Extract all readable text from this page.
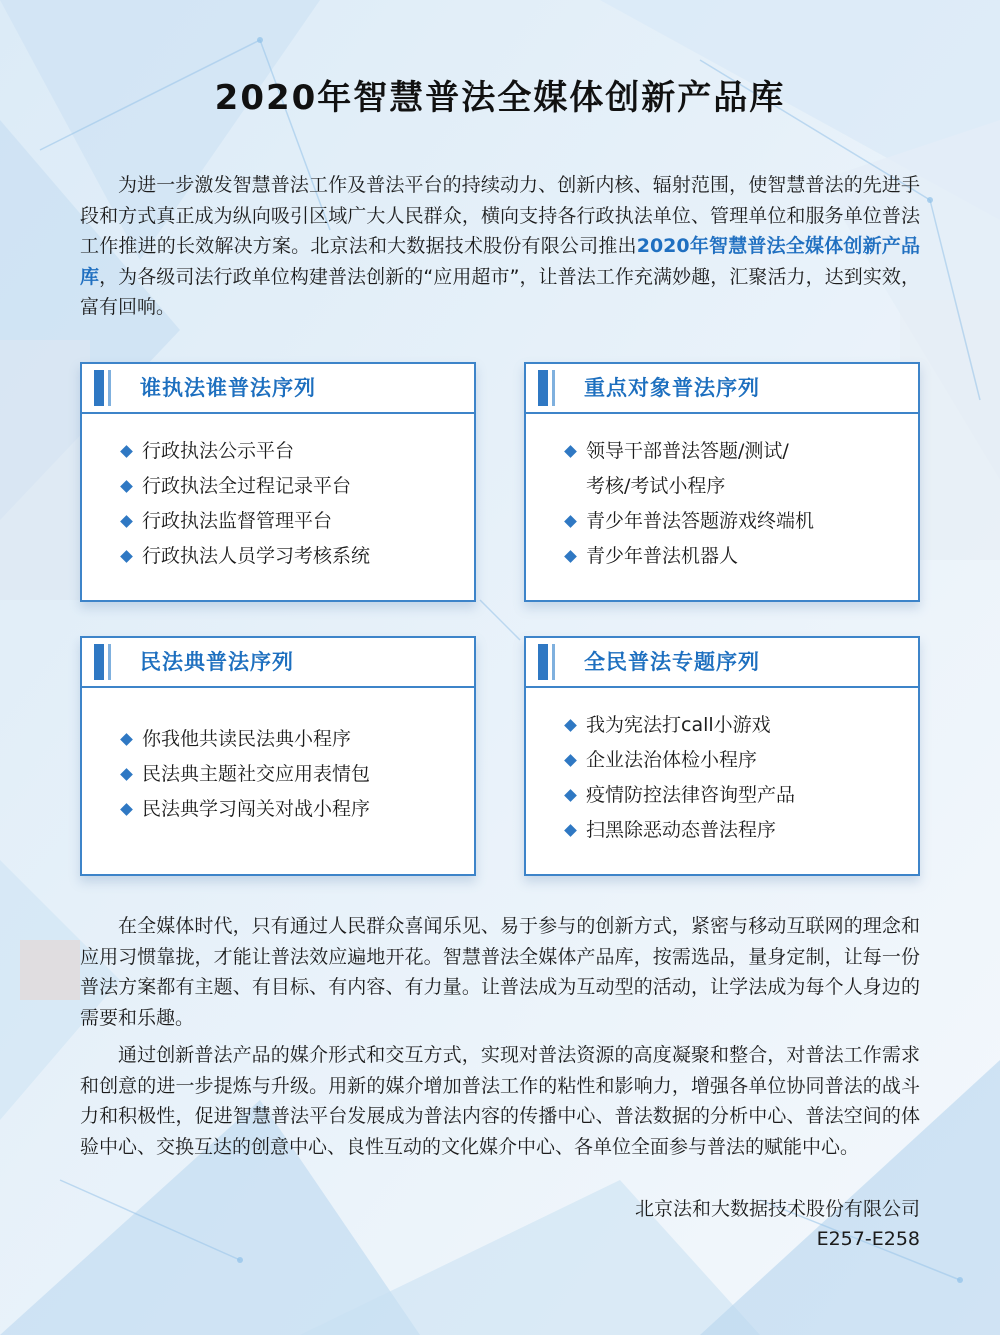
2020年智慧普法全媒体创新产品库

为进一步激发智慧普法工作及普法平台的持续动力、创新内核、辐射范围，使智慧普法的先进手段和方式真正成为纵向吸引区域广大人民群众，横向支持各行政执法单位、管理单位和服务单位普法工作推进的长效解决方案。北京法和大数据技术股份有限公司推出2020年智慧普法全媒体创新产品库，为各级司法行政单位构建普法创新的“应用超市”，让普法工作充满妙趣，汇聚活力，达到实效，富有回响。

谁执法谁普法序列
行政执法公示平台
行政执法全过程记录平台
行政执法监督管理平台
行政执法人员学习考核系统
重点对象普法序列
领导干部普法答题/测试/
考核/考试小程序
青少年普法答题游戏终端机
青少年普法机器人
民法典普法序列
你我他共读民法典小程序
民法典主题社交应用表情包
民法典学习闯关对战小程序
全民普法专题序列
我为宪法打call小游戏
企业法治体检小程序
疫情防控法律咨询型产品
扫黑除恶动态普法程序

在全媒体时代，只有通过人民群众喜闻乐见、易于参与的创新方式，紧密与移动互联网的理念和应用习惯靠拢，才能让普法效应遍地开花。智慧普法全媒体产品库，按需选品，量身定制，让每一份普法方案都有主题、有目标、有内容、有力量。让普法成为互动型的活动，让学法成为每个人身边的需要和乐趣。

通过创新普法产品的媒介形式和交互方式，实现对普法资源的高度凝聚和整合，对普法工作需求和创意的进一步提炼与升级。用新的媒介增加普法工作的粘性和影响力，增强各单位协同普法的战斗力和积极性，促进智慧普法平台发展成为普法内容的传播中心、普法数据的分析中心、普法空间的体验中心、交换互达的创意中心、良性互动的文化媒介中心、各单位全面参与普法的赋能中心。

北京法和大数据技术股份有限公司
E257-E258
